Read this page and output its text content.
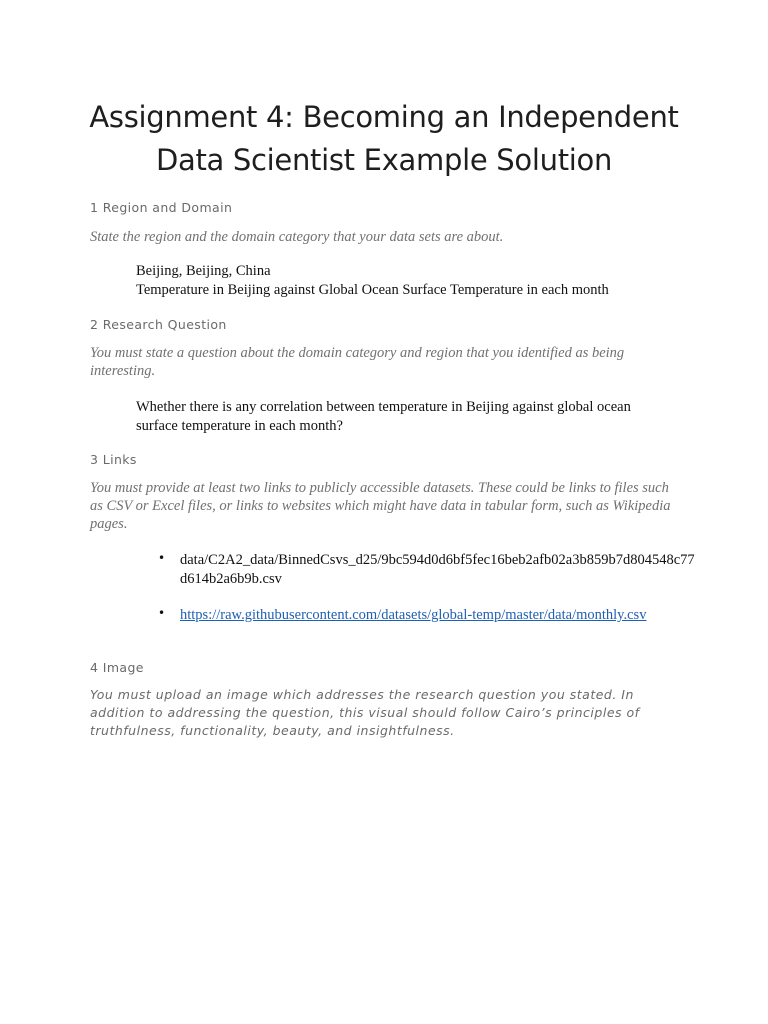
Assignment 4: Becoming an Independent
Data Scientist Example Solution
1 Region and Domain
State the region and the domain category that your data sets are about.
Beijing, Beijing, China
Temperature in Beijing against Global Ocean Surface Temperature in each month
2 Research Question
You must state a question about the domain category and region that you identified as being interesting.
Whether there is any correlation between temperature in Beijing against global ocean surface temperature in each month?
3 Links
You must provide at least two links to publicly accessible datasets. These could be links to files such as CSV or Excel files, or links to websites which might have data in tabular form, such as Wikipedia pages.
• data/C2A2_data/BinnedCsvs_d25/9bc594d0d6bf5fec16beb2afb02a3b859b7d804548c77d614b2a6b9b.csv
• https://raw.githubusercontent.com/datasets/global-temp/master/data/monthly.csv
4 Image
You must upload an image which addresses the research question you stated. In addition to addressing the question, this visual should follow Cairo’s principles of truthfulness, functionality, beauty, and insightfulness.
